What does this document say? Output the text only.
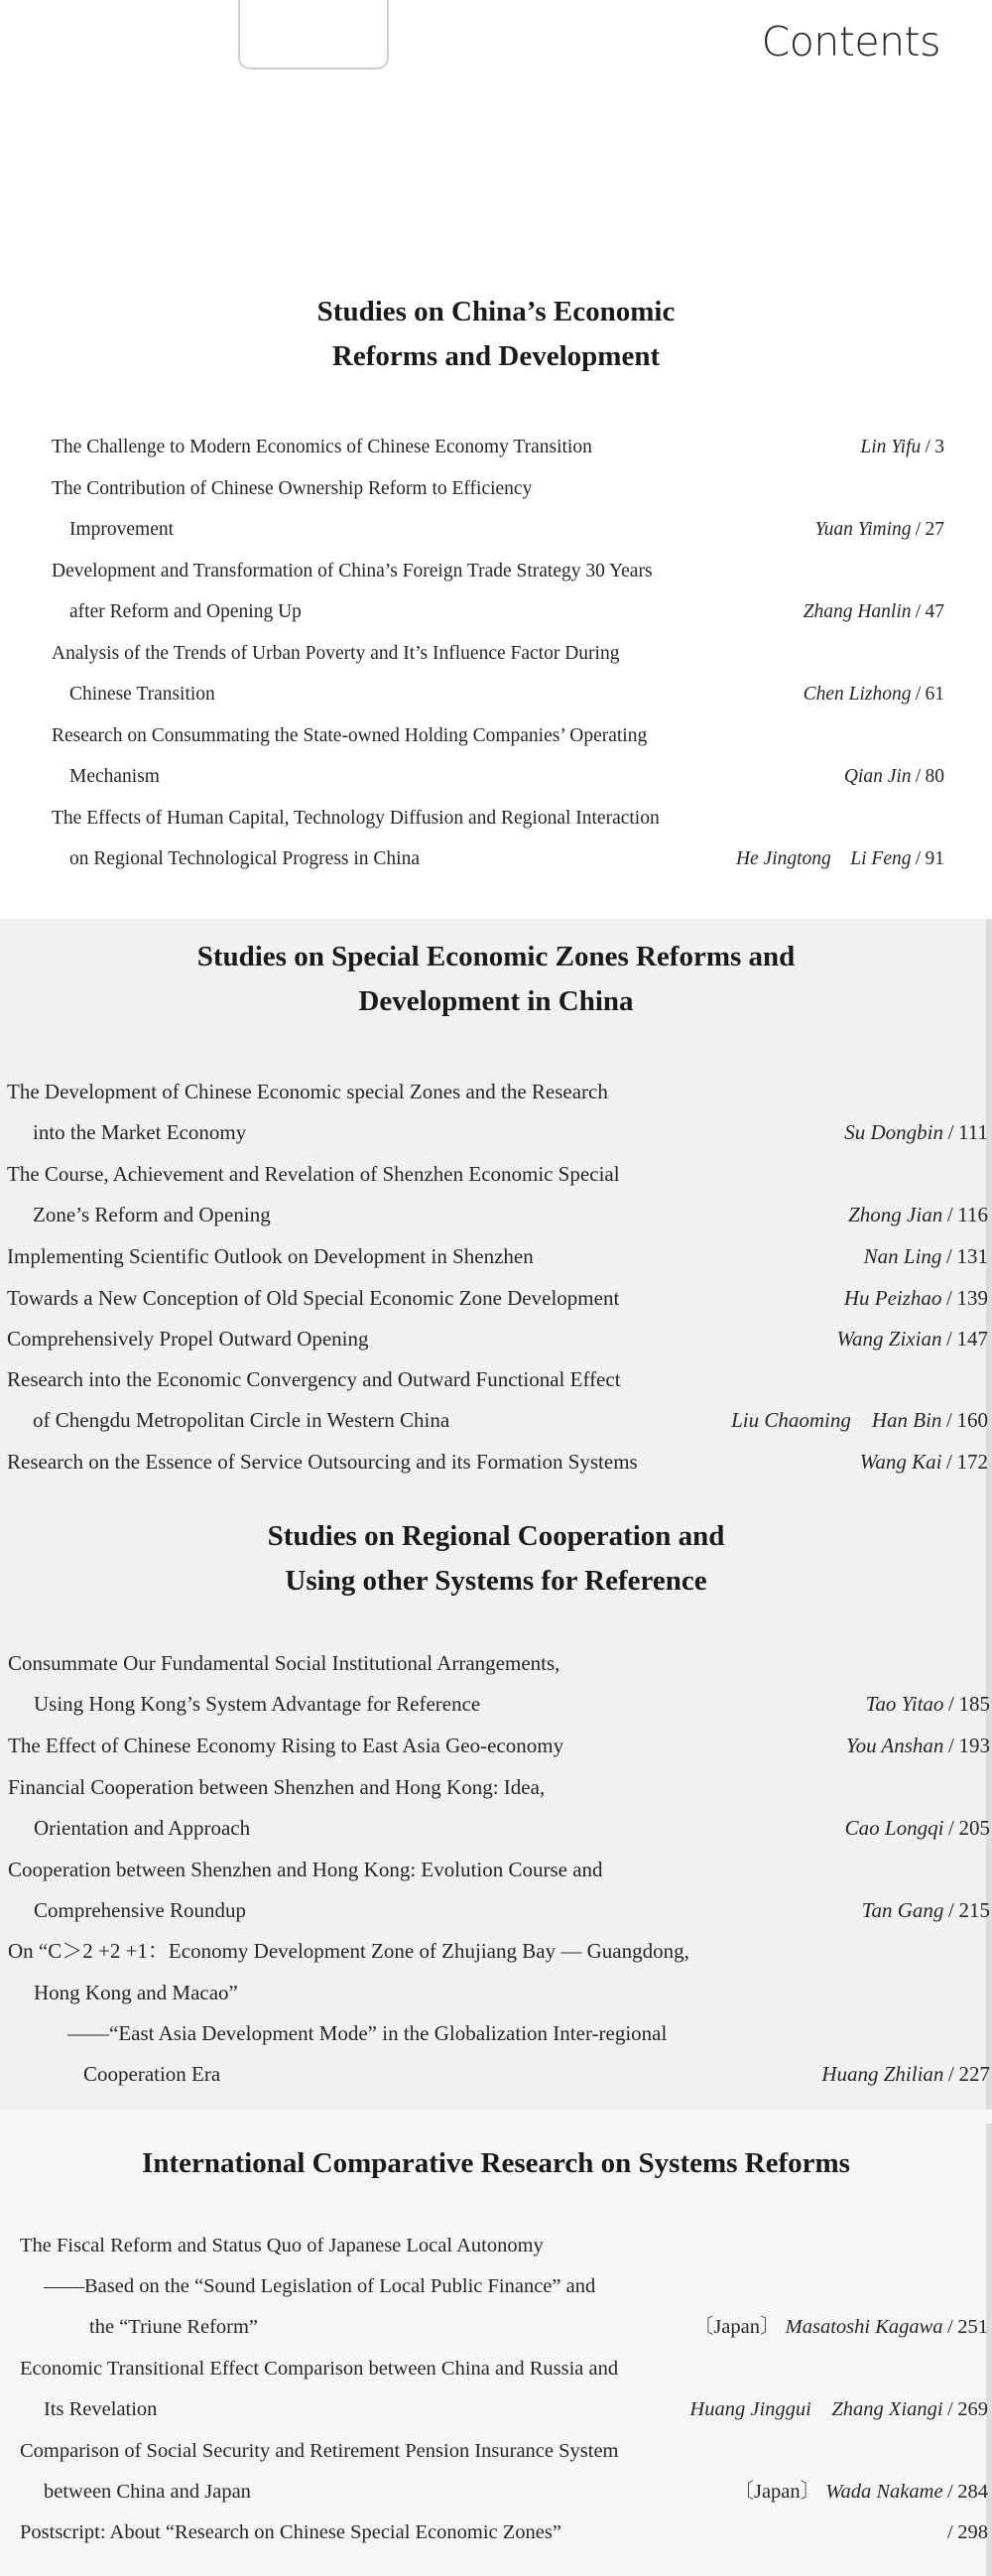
Contents
Studies on China’s Economic
Reforms and Development
The Challenge to Modern Economics of Chinese Economy Transition	Lin Yifu / 3
The Contribution of Chinese Ownership Reform to Efficiency
Improvement	Yuan Yiming / 27
Development and Transformation of China’s Foreign Trade Strategy 30 Years
after Reform and Opening Up	Zhang Hanlin / 47
Analysis of the Trends of Urban Poverty and It’s Influence Factor During
Chinese Transition	Chen Lizhong / 61
Research on Consummating the State-owned Holding Companies’ Operating
Mechanism	Qian Jin / 80
The Effects of Human Capital, Technology Diffusion and Regional Interaction
on Regional Technological Progress in China	He Jingtong  Li Feng / 91
Studies on Special Economic Zones Reforms and
Development in China
The Development of Chinese Economic special Zones and the Research
into the Market Economy	Su Dongbin / 111
The Course, Achievement and Revelation of Shenzhen Economic Special
Zone’s Reform and Opening	Zhong Jian / 116
Implementing Scientific Outlook on Development in Shenzhen	Nan Ling / 131
Towards a New Conception of Old Special Economic Zone Development	Hu Peizhao / 139
Comprehensively Propel Outward Opening	Wang Zixian / 147
Research into the Economic Convergency and Outward Functional Effect
of Chengdu Metropolitan Circle in Western China	Liu Chaoming  Han Bin / 160
Research on the Essence of Service Outsourcing and its Formation Systems	Wang Kai / 172
Studies on Regional Cooperation and
Using other Systems for Reference
Consummate Our Fundamental Social Institutional Arrangements,
Using Hong Kong’s System Advantage for Reference	Tao Yitao / 185
The Effect of Chinese Economy Rising to East Asia Geo-economy	You Anshan / 193
Financial Cooperation between Shenzhen and Hong Kong: Idea,
Orientation and Approach	Cao Longqi / 205
Cooperation between Shenzhen and Hong Kong: Evolution Course and
Comprehensive Roundup	Tan Gang / 215
On “C＞2 +2 +1：Economy Development Zone of Zhujiang Bay — Guangdong,
Hong Kong and Macao”
——“East Asia Development Mode” in the Globalization Inter-regional
Cooperation Era	Huang Zhilian / 227
International Comparative Research on Systems Reforms
The Fiscal Reform and Status Quo of Japanese Local Autonomy
——Based on the “Sound Legislation of Local Public Finance” and
the “Triune Reform”	〔Japan〕 Masatoshi Kagawa / 251
Economic Transitional Effect Comparison between China and Russia and
Its Revelation	Huang Jinggui  Zhang Xiangi / 269
Comparison of Social Security and Retirement Pension Insurance System
between China and Japan	〔Japan〕 Wada Nakame / 284
Postscript: About “Research on Chinese Special Economic Zones”	/ 298
